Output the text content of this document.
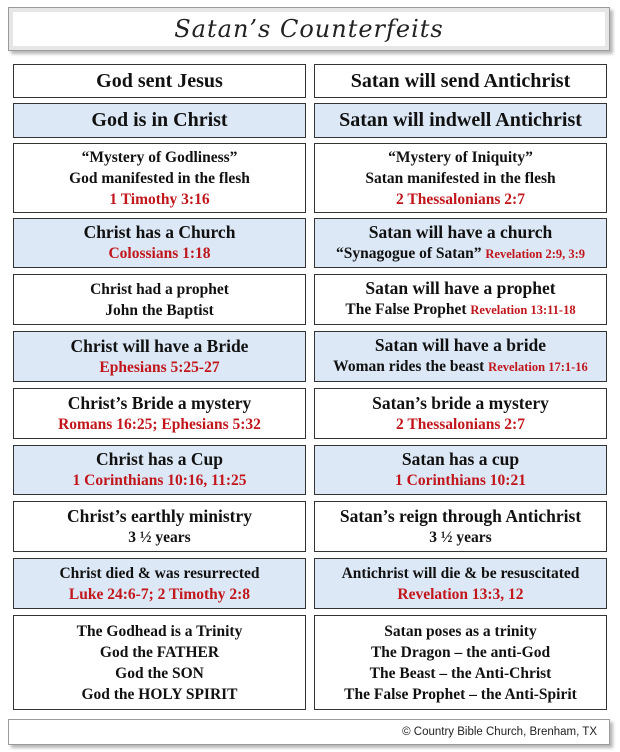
Satan’s Counterfeits
God sent Jesus	Satan will send Antichrist
God is in Christ	Satan will indwell Antichrist
“Mystery of Godliness”
God manifested in the flesh
1 Timothy 3:16
“Mystery of Iniquity”
Satan manifested in the flesh
2 Thessalonians 2:7
Christ has a Church
Colossians 1:18
Satan will have a church
“Synagogue of Satan” Revelation 2:9, 3:9
Christ had a prophet
John the Baptist
Satan will have a prophet
The False Prophet Revelation 13:11-18
Christ will have a Bride
Ephesians 5:25-27
Satan will have a bride
Woman rides the beast Revelation 17:1-16
Christ’s Bride a mystery
Romans 16:25; Ephesians 5:32
Satan’s bride a mystery
2 Thessalonians 2:7
Christ has a Cup
1 Corinthians 10:16, 11:25
Satan has a cup
1 Corinthians 10:21
Christ’s earthly ministry
3 ½ years
Satan’s reign through Antichrist
3 ½ years
Christ died & was resurrected
Luke 24:6-7; 2 Timothy 2:8
Antichrist will die & be resuscitated
Revelation 13:3, 12
The Godhead is a Trinity
God the FATHER
God the SON
God the HOLY SPIRIT
Satan poses as a trinity
The Dragon – the anti-God
The Beast – the Anti-Christ
The False Prophet – the Anti-Spirit
© Country Bible Church, Brenham, TX
